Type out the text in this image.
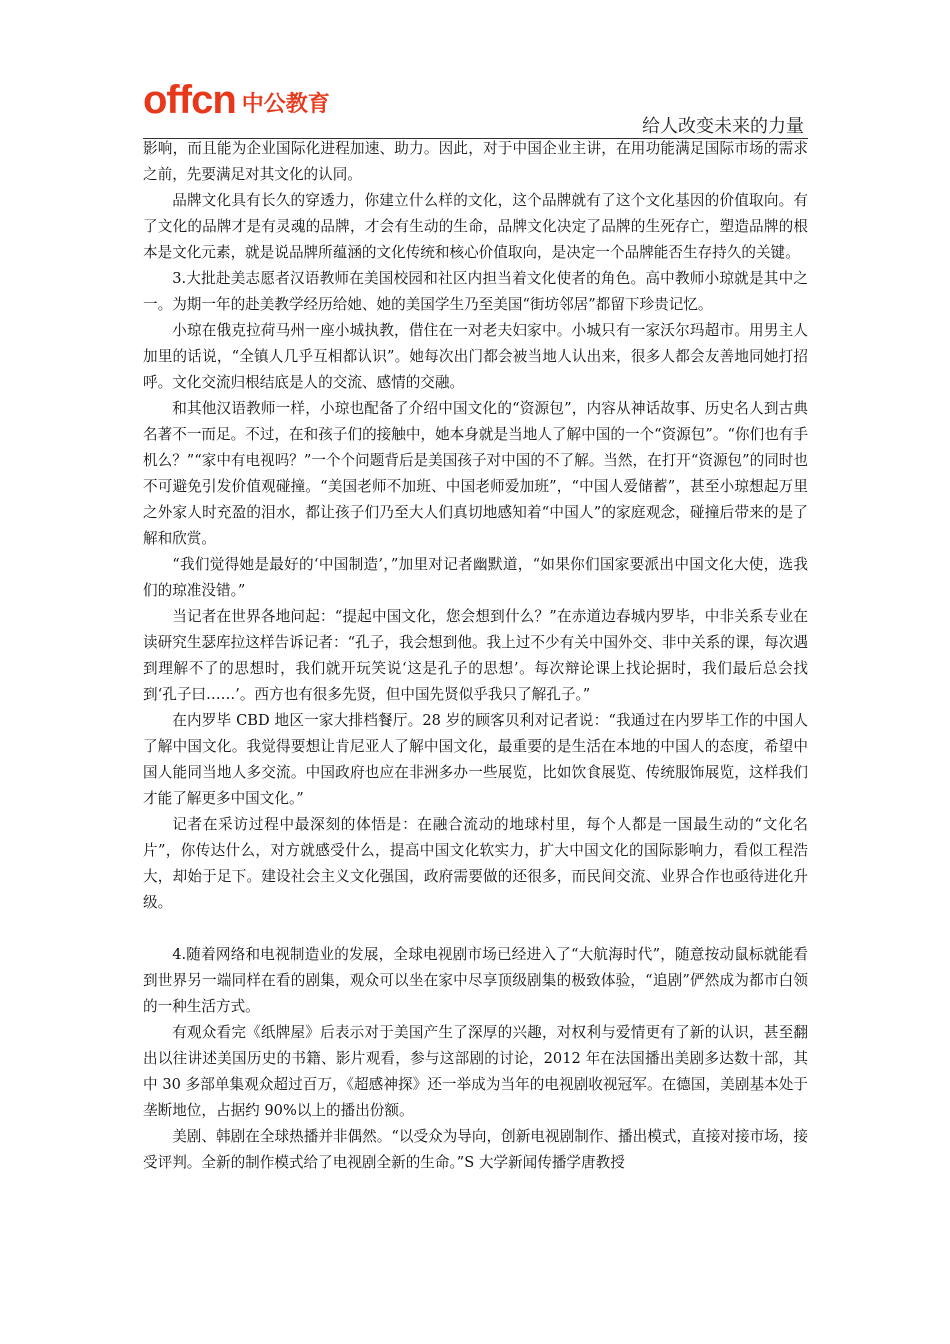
offcn 中公教育
给人改变未来的力量

影响，而且能为企业国际化进程加速、助力。因此，对于中国企业主讲，在用功能满足国际市场的需求之前，先要满足对其文化的认同。

品牌文化具有长久的穿透力，你建立什么样的文化，这个品牌就有了这个文化基因的价值取向。有了文化的品牌才是有灵魂的品牌，才会有生动的生命，品牌文化决定了品牌的生死存亡，塑造品牌的根本是文化元素，就是说品牌所蕴涵的文化传统和核心价值取向，是决定一个品牌能否生存持久的关键。

3.大批赴美志愿者汉语教师在美国校园和社区内担当着文化使者的角色。高中教师小琼就是其中之一。为期一年的赴美教学经历给她、她的美国学生乃至美国“街坊邻居”都留下珍贵记忆。

小琼在俄克拉荷马州一座小城执教，借住在一对老夫妇家中。小城只有一家沃尔玛超市。用男主人加里的话说，“全镇人几乎互相都认识”。她每次出门都会被当地人认出来，很多人都会友善地同她打招呼。文化交流归根结底是人的交流、感情的交融。

和其他汉语教师一样，小琼也配备了介绍中国文化的“资源包”，内容从神话故事、历史名人到古典名著不一而足。不过，在和孩子们的接触中，她本身就是当地人了解中国的一个“资源包”。“你们也有手机么？”“家中有电视吗？”一个个问题背后是美国孩子对中国的不了解。当然，在打开“资源包”的同时也不可避免引发价值观碰撞。“美国老师不加班、中国老师爱加班”，“中国人爱储蓄”，甚至小琼想起万里之外家人时充盈的泪水，都让孩子们乃至大人们真切地感知着“中国人”的家庭观念，碰撞后带来的是了解和欣赏。

“我们觉得她是最好的‘中国制造’，”加里对记者幽默道，“如果你们国家要派出中国文化大使，选我们的琼准没错。”

当记者在世界各地问起：“提起中国文化，您会想到什么？”在赤道边春城内罗毕，中非关系专业在读研究生瑟库拉这样告诉记者：“孔子，我会想到他。我上过不少有关中国外交、非中关系的课，每次遇到理解不了的思想时，我们就开玩笑说‘这是孔子的思想’。每次辩论课上找论据时，我们最后总会找到‘孔子曰……’。西方也有很多先贤，但中国先贤似乎我只了解孔子。”

在内罗毕 CBD 地区一家大排档餐厅。28 岁的顾客贝利对记者说：“我通过在内罗毕工作的中国人了解中国文化。我觉得要想让肯尼亚人了解中国文化，最重要的是生活在本地的中国人的态度，希望中国人能同当地人多交流。中国政府也应在非洲多办一些展览，比如饮食展览、传统服饰展览，这样我们才能了解更多中国文化。”

记者在采访过程中最深刻的体悟是：在融合流动的地球村里，每个人都是一国最生动的“文化名片”，你传达什么，对方就感受什么，提高中国文化软实力，扩大中国文化的国际影响力，看似工程浩大，却始于足下。建设社会主义文化强国，政府需要做的还很多，而民间交流、业界合作也亟待进化升级。

4.随着网络和电视制造业的发展，全球电视剧市场已经进入了“大航海时代”，随意按动鼠标就能看到世界另一端同样在看的剧集，观众可以坐在家中尽享顶级剧集的极致体验，“追剧”俨然成为都市白领的一种生活方式。

有观众看完《纸牌屋》后表示对于美国产生了深厚的兴趣，对权利与爱情更有了新的认识，甚至翻出以往讲述美国历史的书籍、影片观看，参与这部剧的讨论，2012 年在法国播出美剧多达数十部，其中 30 多部单集观众超过百万，《超感神探》还一举成为当年的电视剧收视冠军。在德国，美剧基本处于垄断地位，占据约 90%以上的播出份额。

美剧、韩剧在全球热播并非偶然。“以受众为导向，创新电视剧制作、播出模式，直接对接市场，接受评判。全新的制作模式给了电视剧全新的生命。”S 大学新闻传播学唐教授
